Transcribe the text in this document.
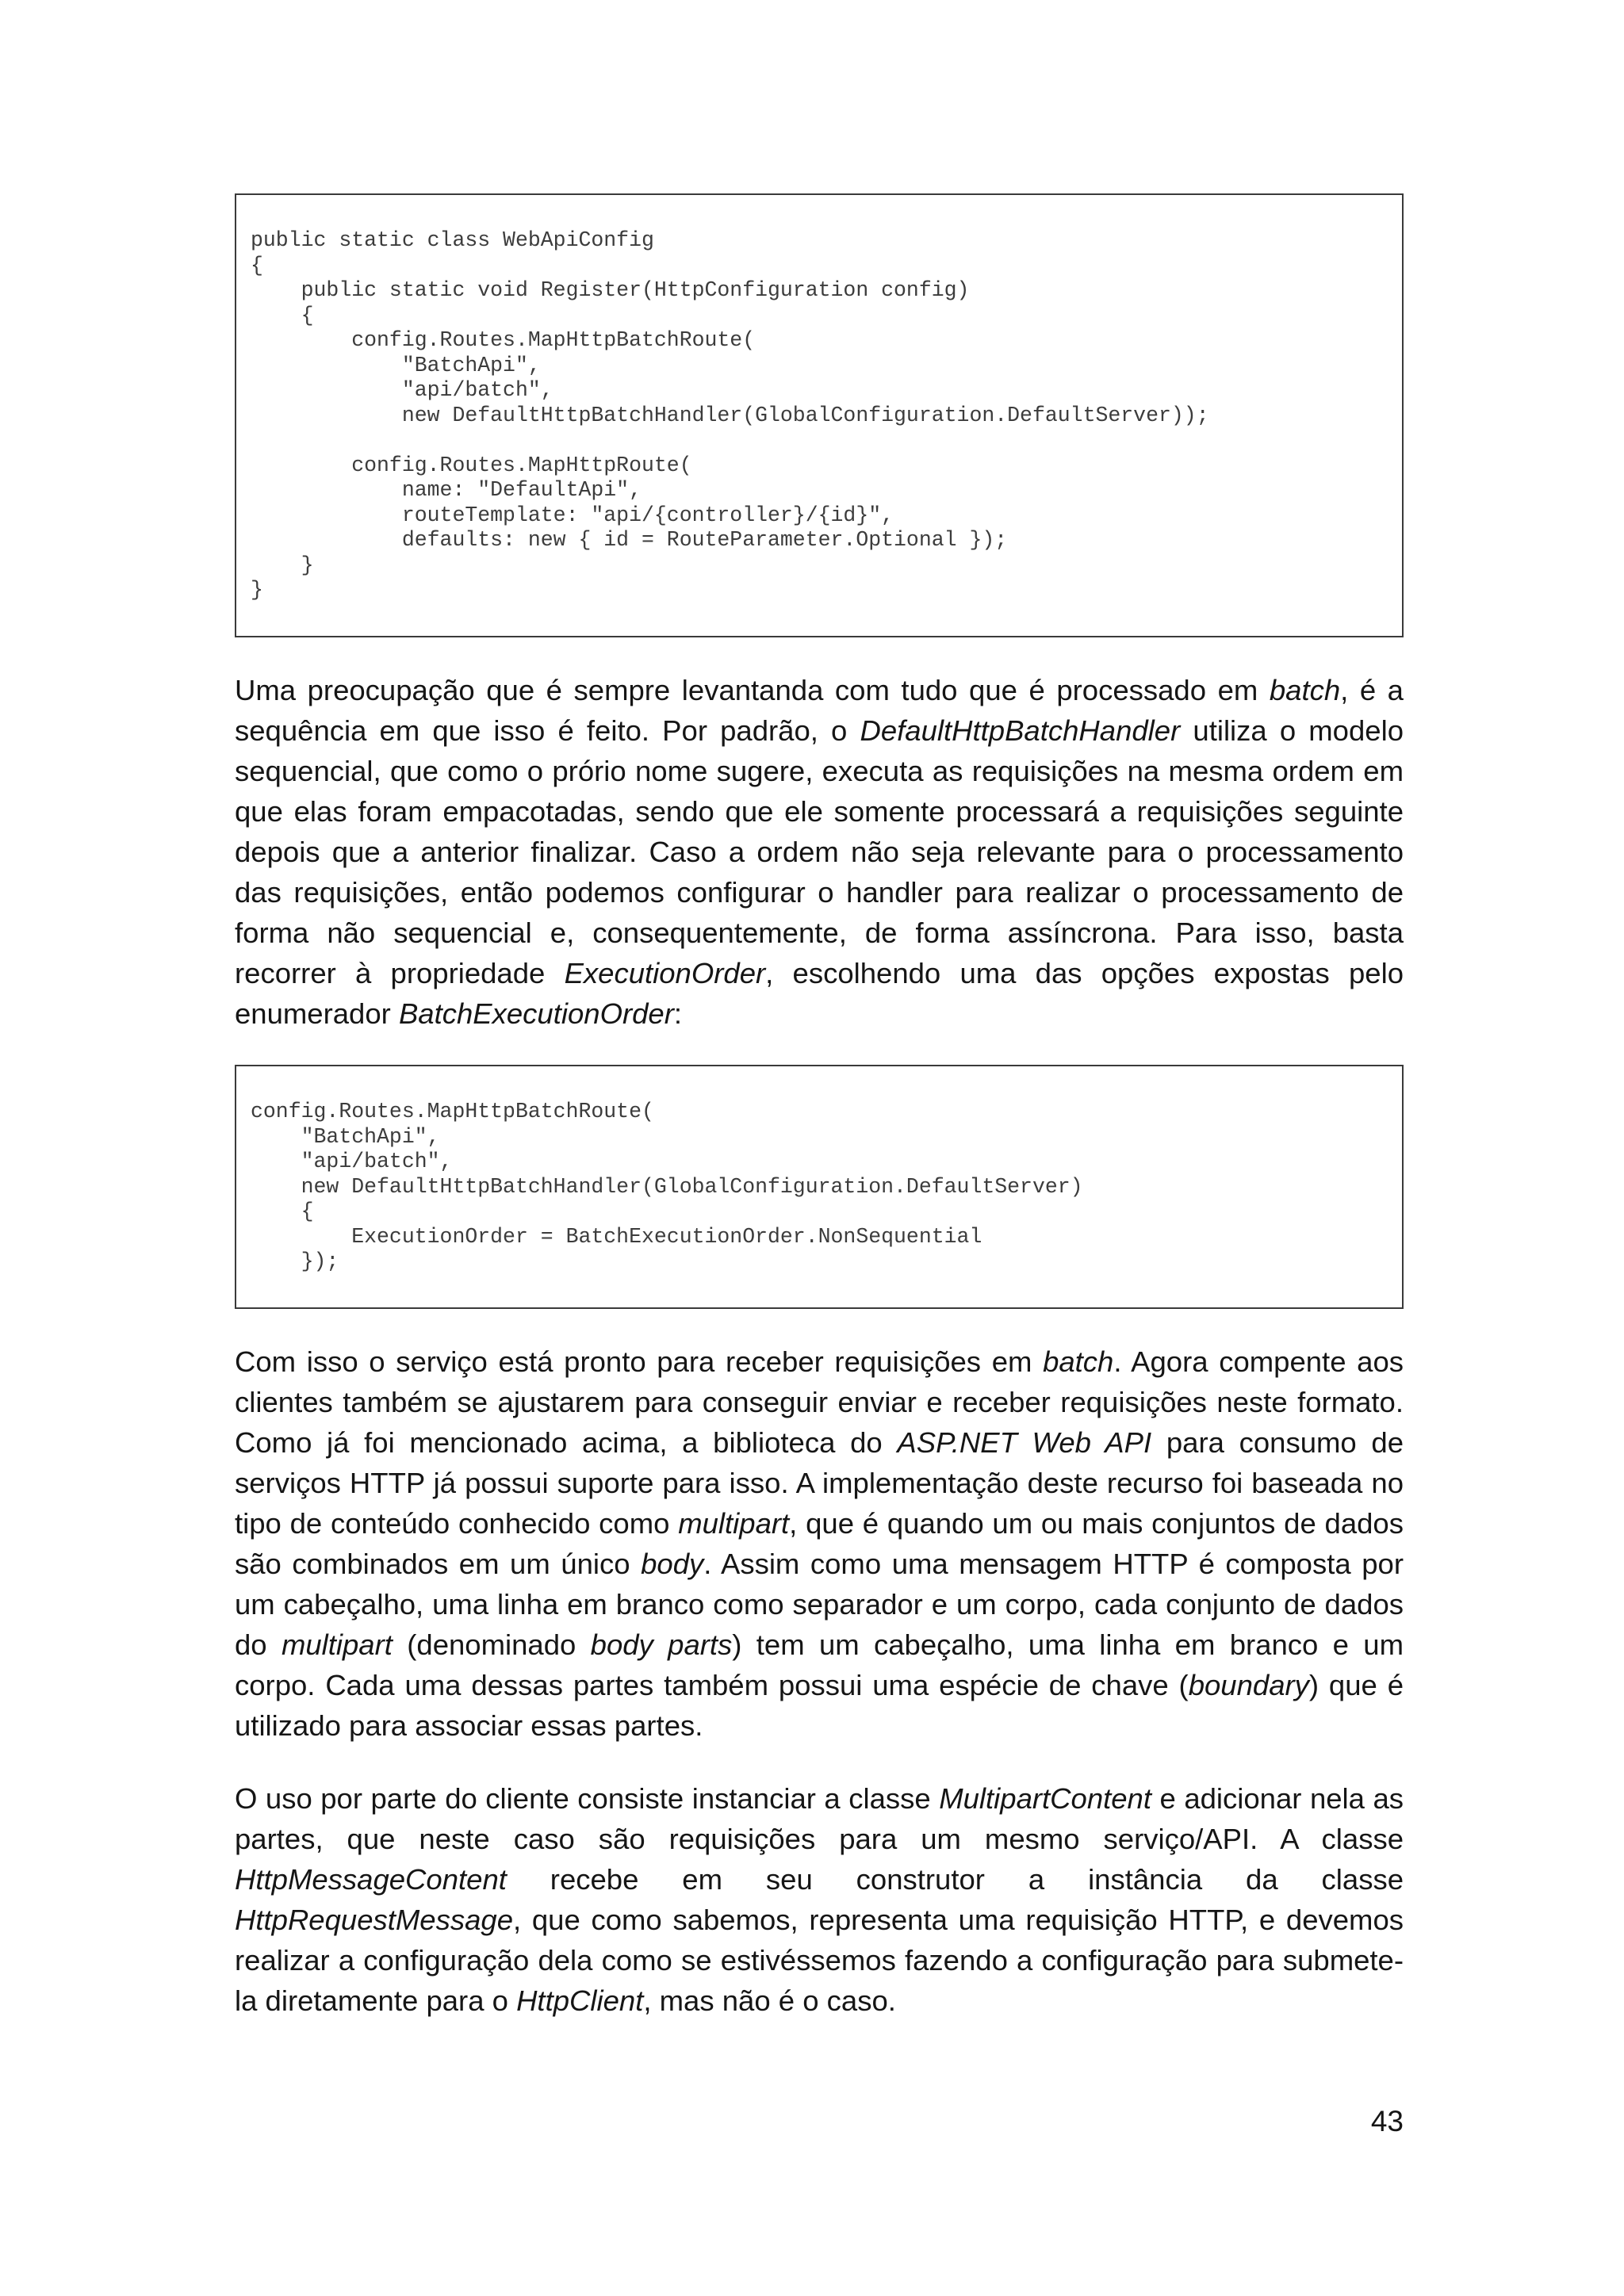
public static class WebApiConfig
{
public static void Register(HttpConfiguration config)
{
config.Routes.MapHttpBatchRoute(
"BatchApi",
"api/batch",
new DefaultHttpBatchHandler(GlobalConfiguration.DefaultServer));

config.Routes.MapHttpRoute(
name: "DefaultApi",
routeTemplate: "api/{controller}/{id}",
defaults: new { id = RouteParameter.Optional });
}
}

Uma preocupação que é sempre levantanda com tudo que é processado em batch, é a sequência em que isso é feito. Por padrão, o DefaultHttpBatchHandler utiliza o modelo sequencial, que como o prório nome sugere, executa as requisições na mesma ordem em que elas foram empacotadas, sendo que ele somente processará a requisições seguinte depois que a anterior finalizar. Caso a ordem não seja relevante para o processamento das requisições, então podemos configurar o handler para realizar o processamento de forma não sequencial e, consequentemente, de forma assíncrona. Para isso, basta recorrer à propriedade ExecutionOrder, escolhendo uma das opções expostas pelo enumerador BatchExecutionOrder:

config.Routes.MapHttpBatchRoute(
"BatchApi",
"api/batch",
new DefaultHttpBatchHandler(GlobalConfiguration.DefaultServer)
{
ExecutionOrder = BatchExecutionOrder.NonSequential
});

Com isso o serviço está pronto para receber requisições em batch. Agora compente aos clientes também se ajustarem para conseguir enviar e receber requisições neste formato. Como já foi mencionado acima, a biblioteca do ASP.NET Web API para consumo de serviços HTTP já possui suporte para isso. A implementação deste recurso foi baseada no tipo de conteúdo conhecido como multipart, que é quando um ou mais conjuntos de dados são combinados em um único body. Assim como uma mensagem HTTP é composta por um cabeçalho, uma linha em branco como separador e um corpo, cada conjunto de dados do multipart (denominado body parts) tem um cabeçalho, uma linha em branco e um corpo. Cada uma dessas partes também possui uma espécie de chave (boundary) que é utilizado para associar essas partes.

O uso por parte do cliente consiste instanciar a classe MultipartContent e adicionar nela as partes, que neste caso são requisições para um mesmo serviço/API. A classe HttpMessageContent recebe em seu construtor a instância da classe HttpRequestMessage, que como sabemos, representa uma requisição HTTP, e devemos realizar a configuração dela como se estivéssemos fazendo a configuração para submete-la diretamente para o HttpClient, mas não é o caso.

43
